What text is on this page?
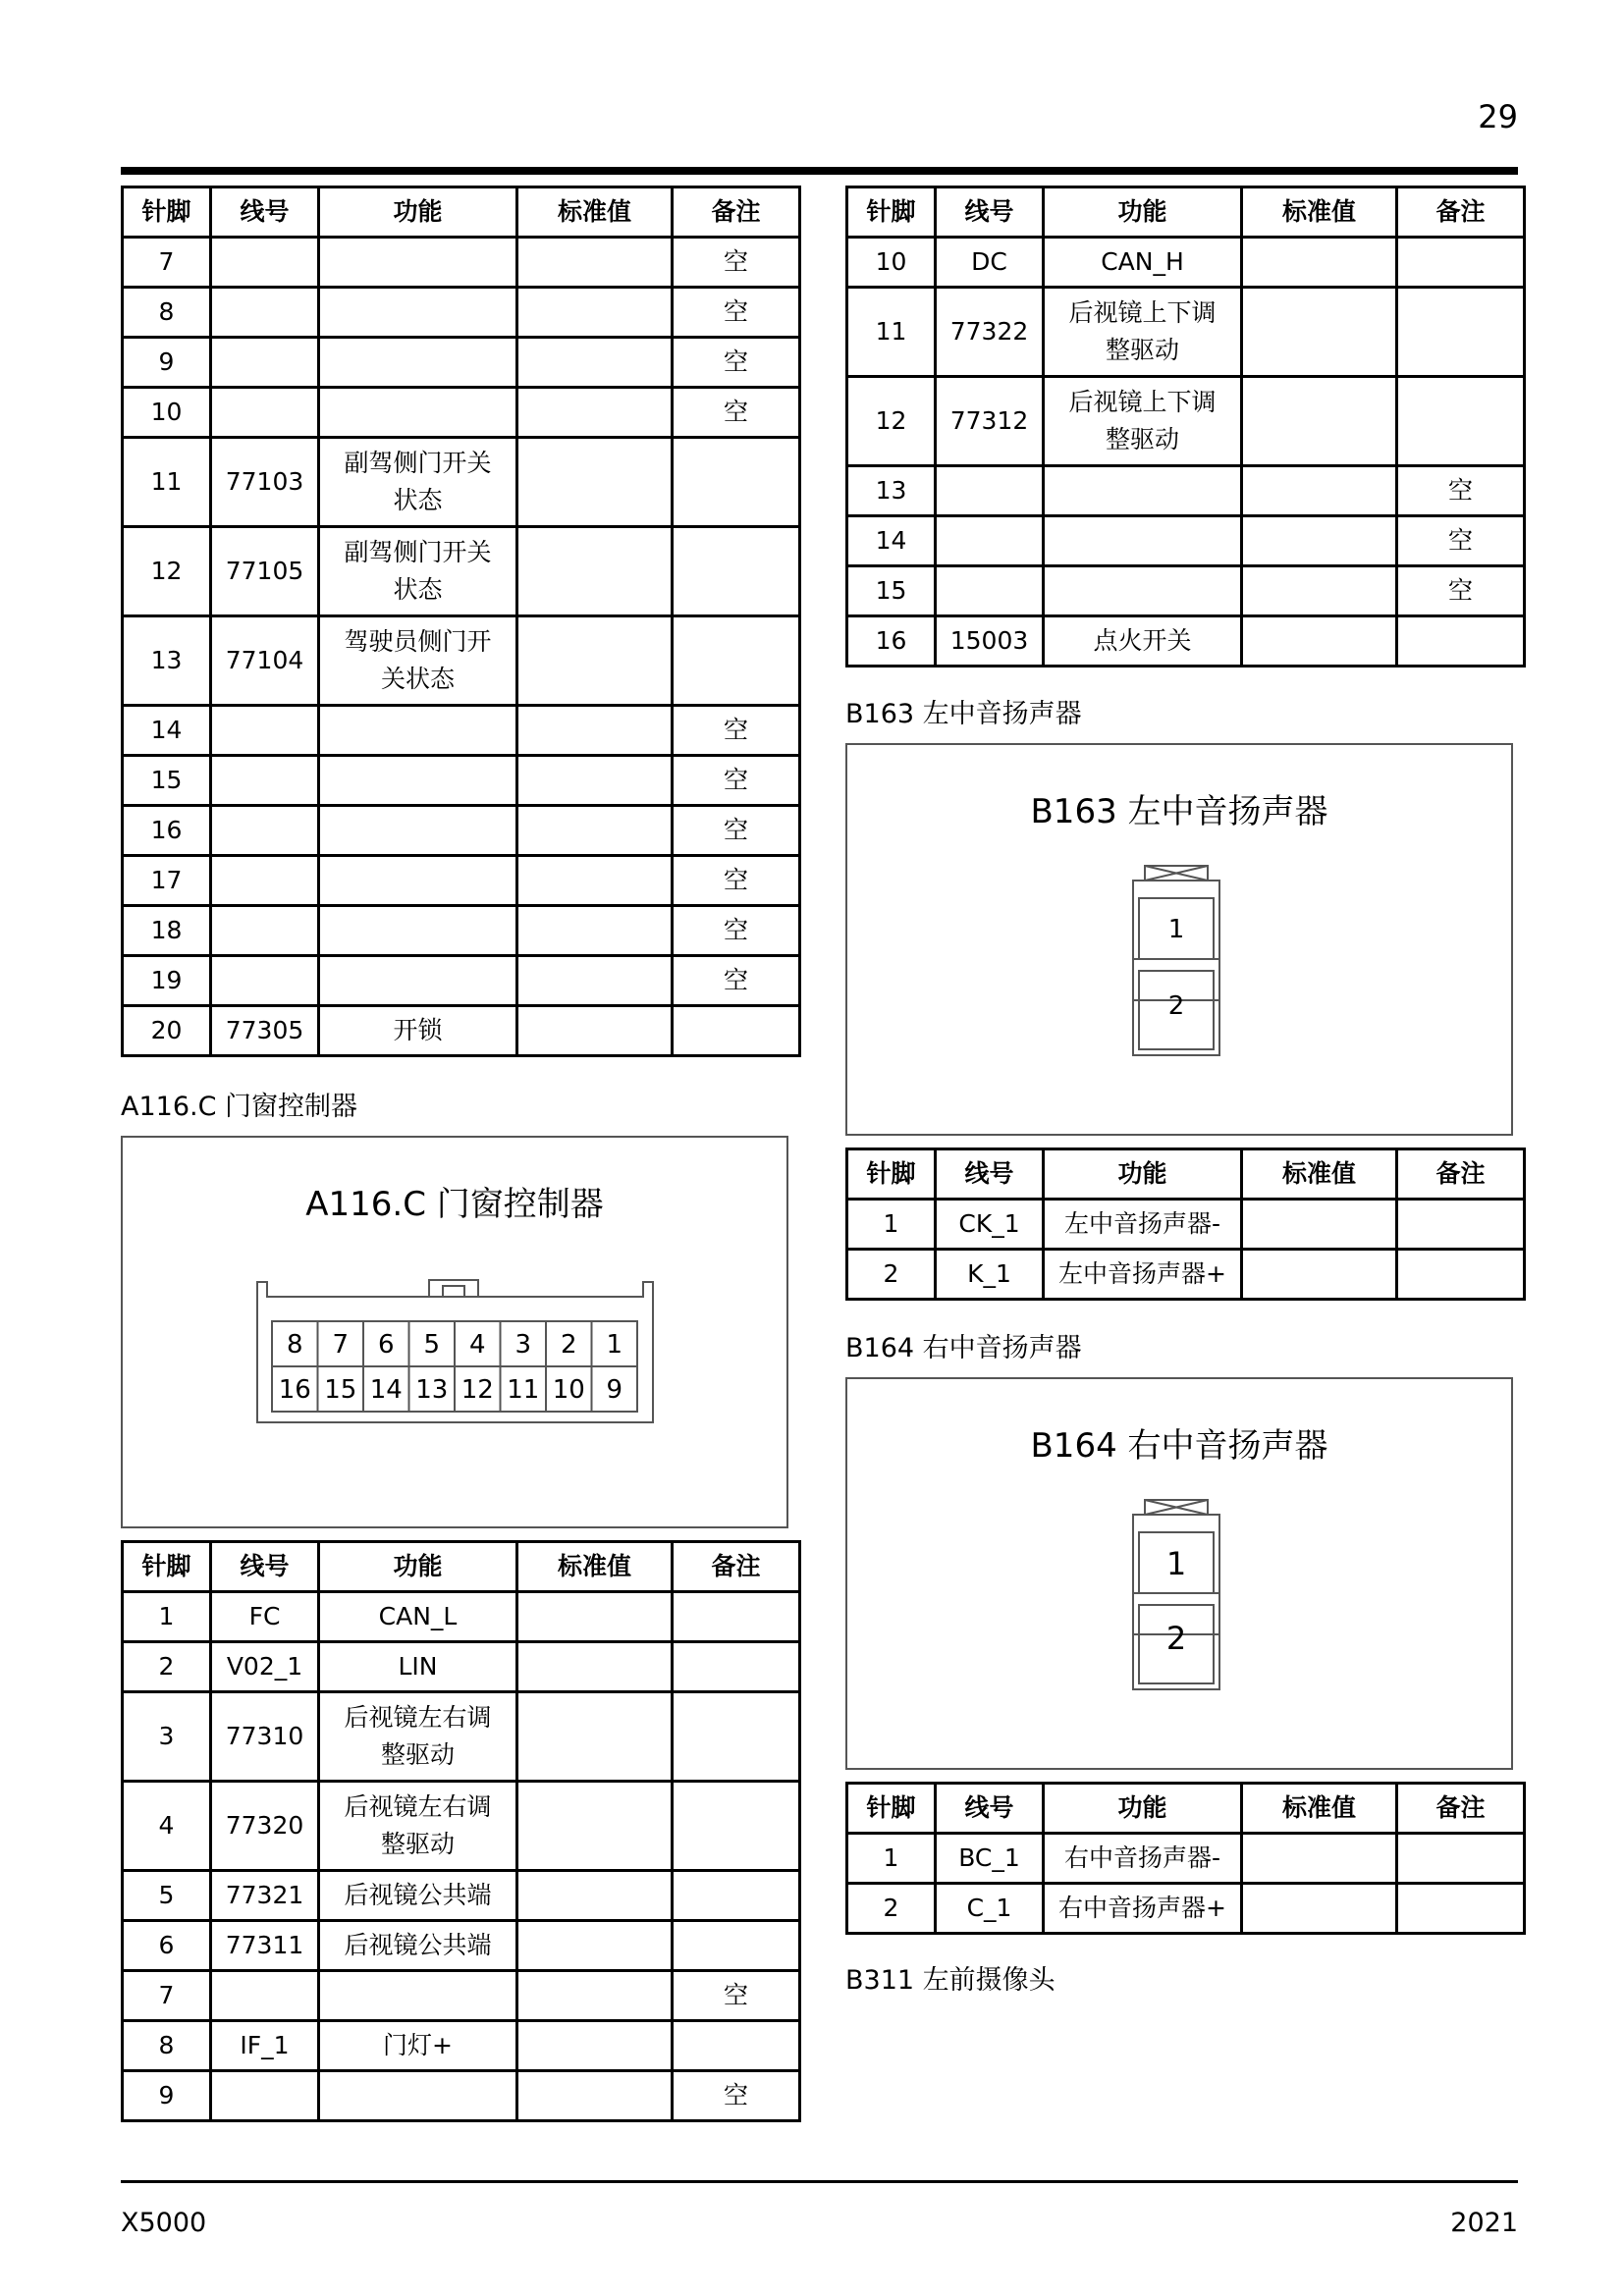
29
X5000	2021
针脚	线号	功能	标准值	备注
7				空
8				空
9				空
10				空
11	77103	副驾侧门开关
状态		
12	77105	副驾侧门开关
状态		
13	77104	驾驶员侧门开
关状态		
14				空
15				空
16				空
17				空
18				空
19				空
20	77305	开锁		
A116.C 门窗控制器
A116.C 门窗控制器
8 7 6 5 4 3 2 1
16 15 14 13 12 11 10 9
针脚	线号	功能	标准值	备注
1	FC	CAN_L		
2	V02_1	LIN		
3	77310	后视镜左右调
整驱动		
4	77320	后视镜左右调
整驱动		
5	77321	后视镜公共端		
6	77311	后视镜公共端		
7				空
8	IF_1	门灯+		
9				空
针脚	线号	功能	标准值	备注
10	DC	CAN_H		
11	77322	后视镜上下调
整驱动		
12	77312	后视镜上下调
整驱动		
13				空
14				空
15				空
16	15003	点火开关		
B163 左中音扬声器
B163 左中音扬声器
1
2
针脚	线号	功能	标准值	备注
1	CK_1	左中音扬声器-		
2	K_1	左中音扬声器+		
B164 右中音扬声器
B164 右中音扬声器
1
2
针脚	线号	功能	标准值	备注
1	BC_1	右中音扬声器-		
2	C_1	右中音扬声器+		
B311 左前摄像头
